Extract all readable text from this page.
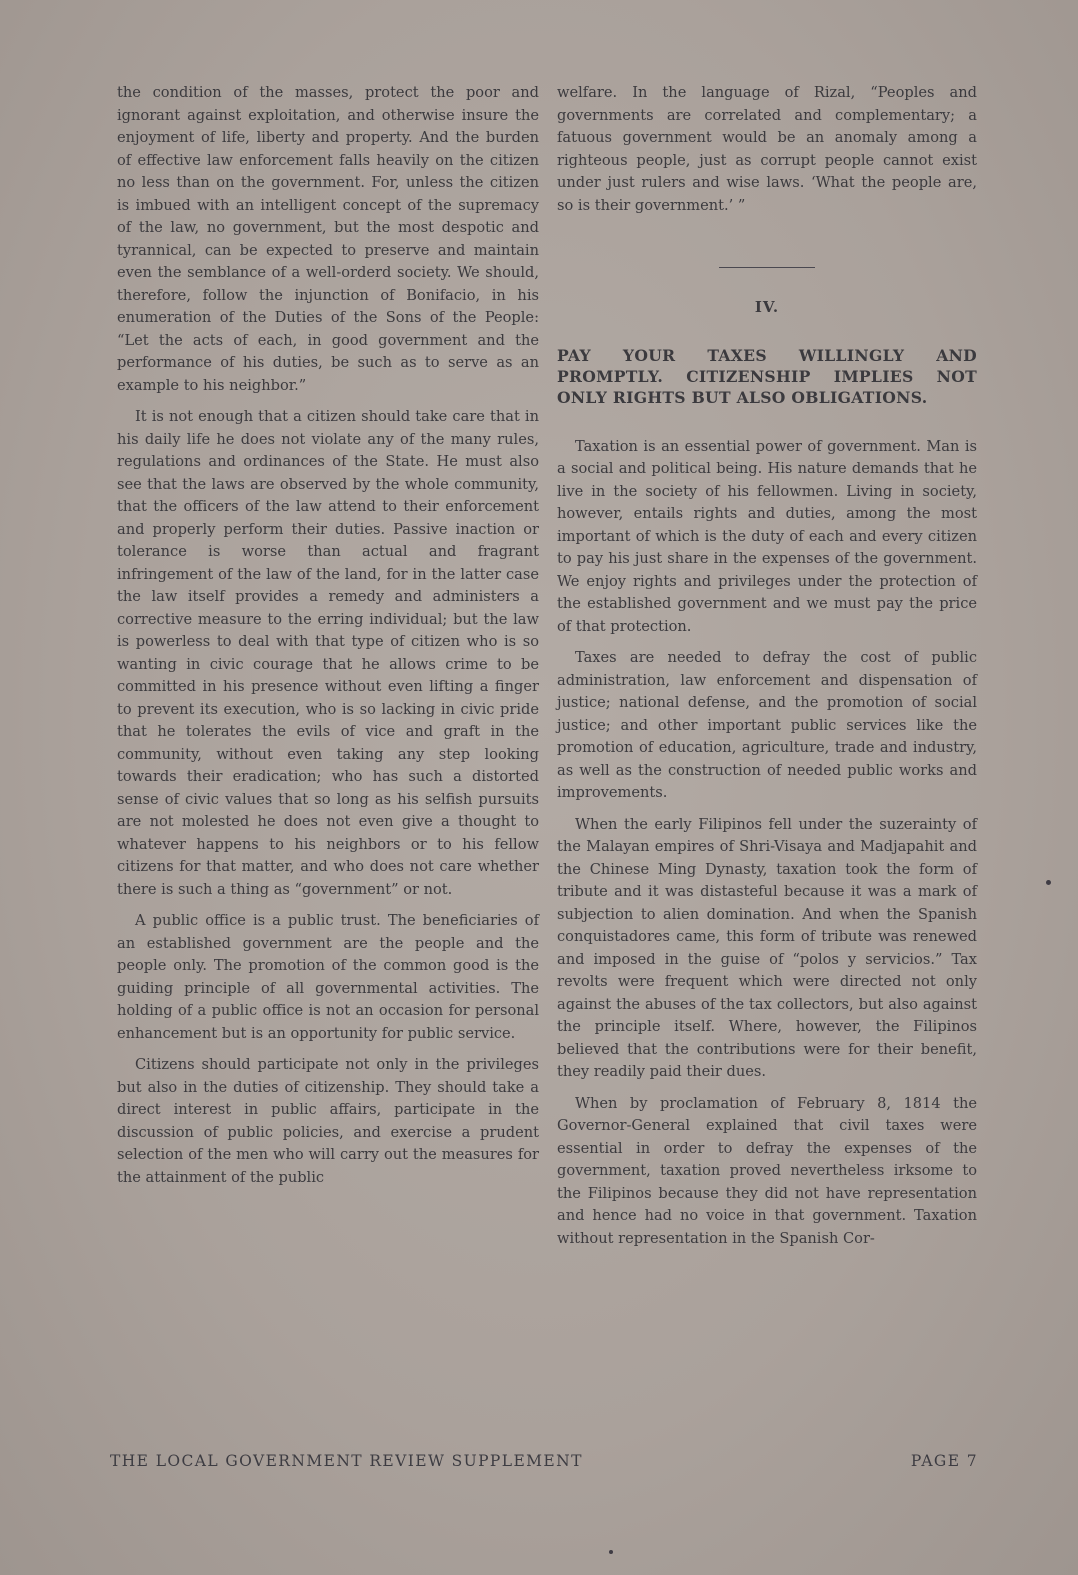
the condition of the masses, protect the poor and ignorant against exploitation, and otherwise insure the enjoyment of life, liberty and property. And the burden of effective law enforcement falls heavily on the citizen no less than on the government. For, unless the citizen is imbued with an intelligent concept of the supremacy of the law, no government, but the most despotic and tyrannical, can be expected to preserve and maintain even the semblance of a well-orderd society. We should, therefore, follow the injunction of Bonifacio, in his enumeration of the Duties of the Sons of the People: “Let the acts of each, in good government and the performance of his duties, be such as to serve as an example to his neighbor.”

It is not enough that a citizen should take care that in his daily life he does not violate any of the many rules, regulations and ordinances of the State. He must also see that the laws are observed by the whole community, that the officers of the law attend to their enforcement and properly perform their duties. Passive inaction or tolerance is worse than actual and fragrant infringement of the law of the land, for in the latter case the law itself provides a remedy and administers a corrective measure to the erring individual; but the law is powerless to deal with that type of citizen who is so wanting in civic courage that he allows crime to be committed in his presence without even lifting a finger to prevent its execution, who is so lacking in civic pride that he tolerates the evils of vice and graft in the community, without even taking any step looking towards their eradication; who has such a distorted sense of civic values that so long as his selfish pursuits are not molested he does not even give a thought to whatever happens to his neighbors or to his fellow citizens for that matter, and who does not care whether there is such a thing as “government” or not.

A public office is a public trust. The beneficiaries of an established government are the people and the people only. The promotion of the common good is the guiding principle of all governmental activities. The holding of a public office is not an occasion for personal enhancement but is an opportunity for public service.

Citizens should participate not only in the privileges but also in the duties of citizenship. They should take a direct interest in public affairs, participate in the discussion of public policies, and exercise a prudent selection of the men who will carry out the measures for the attainment of the public

welfare. In the language of Rizal, “Peoples and governments are correlated and complementary; a fatuous government would be an anomaly among a righteous people, just as corrupt people cannot exist under just rulers and wise laws. ‘What the people are, so is their government.’ ”

IV.
PAY YOUR TAXES WILLINGLY AND PROMPTLY. CITIZENSHIP IMPLIES NOT ONLY RIGHTS BUT ALSO OBLIGATIONS.

Taxation is an essential power of government. Man is a social and political being. His nature demands that he live in the society of his fellowmen. Living in society, however, entails rights and duties, among the most important of which is the duty of each and every citizen to pay his just share in the expenses of the government. We enjoy rights and privileges under the protection of the established government and we must pay the price of that protection.

Taxes are needed to defray the cost of public administration, law enforcement and dispensation of justice; national defense, and the promotion of social justice; and other important public services like the promotion of education, agriculture, trade and industry, as well as the construction of needed public works and improvements.

When the early Filipinos fell under the suzerainty of the Malayan empires of Shri-Visaya and Madjapahit and the Chinese Ming Dynasty, taxation took the form of tribute and it was distasteful because it was a mark of subjection to alien domination. And when the Spanish conquistadores came, this form of tribute was renewed and imposed in the guise of “polos y servicios.” Tax revolts were frequent which were directed not only against the abuses of the tax collectors, but also against the principle itself. Where, however, the Filipinos believed that the contributions were for their benefit, they readily paid their dues.

When by proclamation of February 8, 1814 the Governor-General explained that civil taxes were essential in order to defray the expenses of the government, taxation proved nevertheless irksome to the Filipinos because they did not have representation and hence had no voice in that government. Taxation without representation in the Spanish Cor-

THE LOCAL GOVERNMENT REVIEW SUPPLEMENT	PAGE 7
